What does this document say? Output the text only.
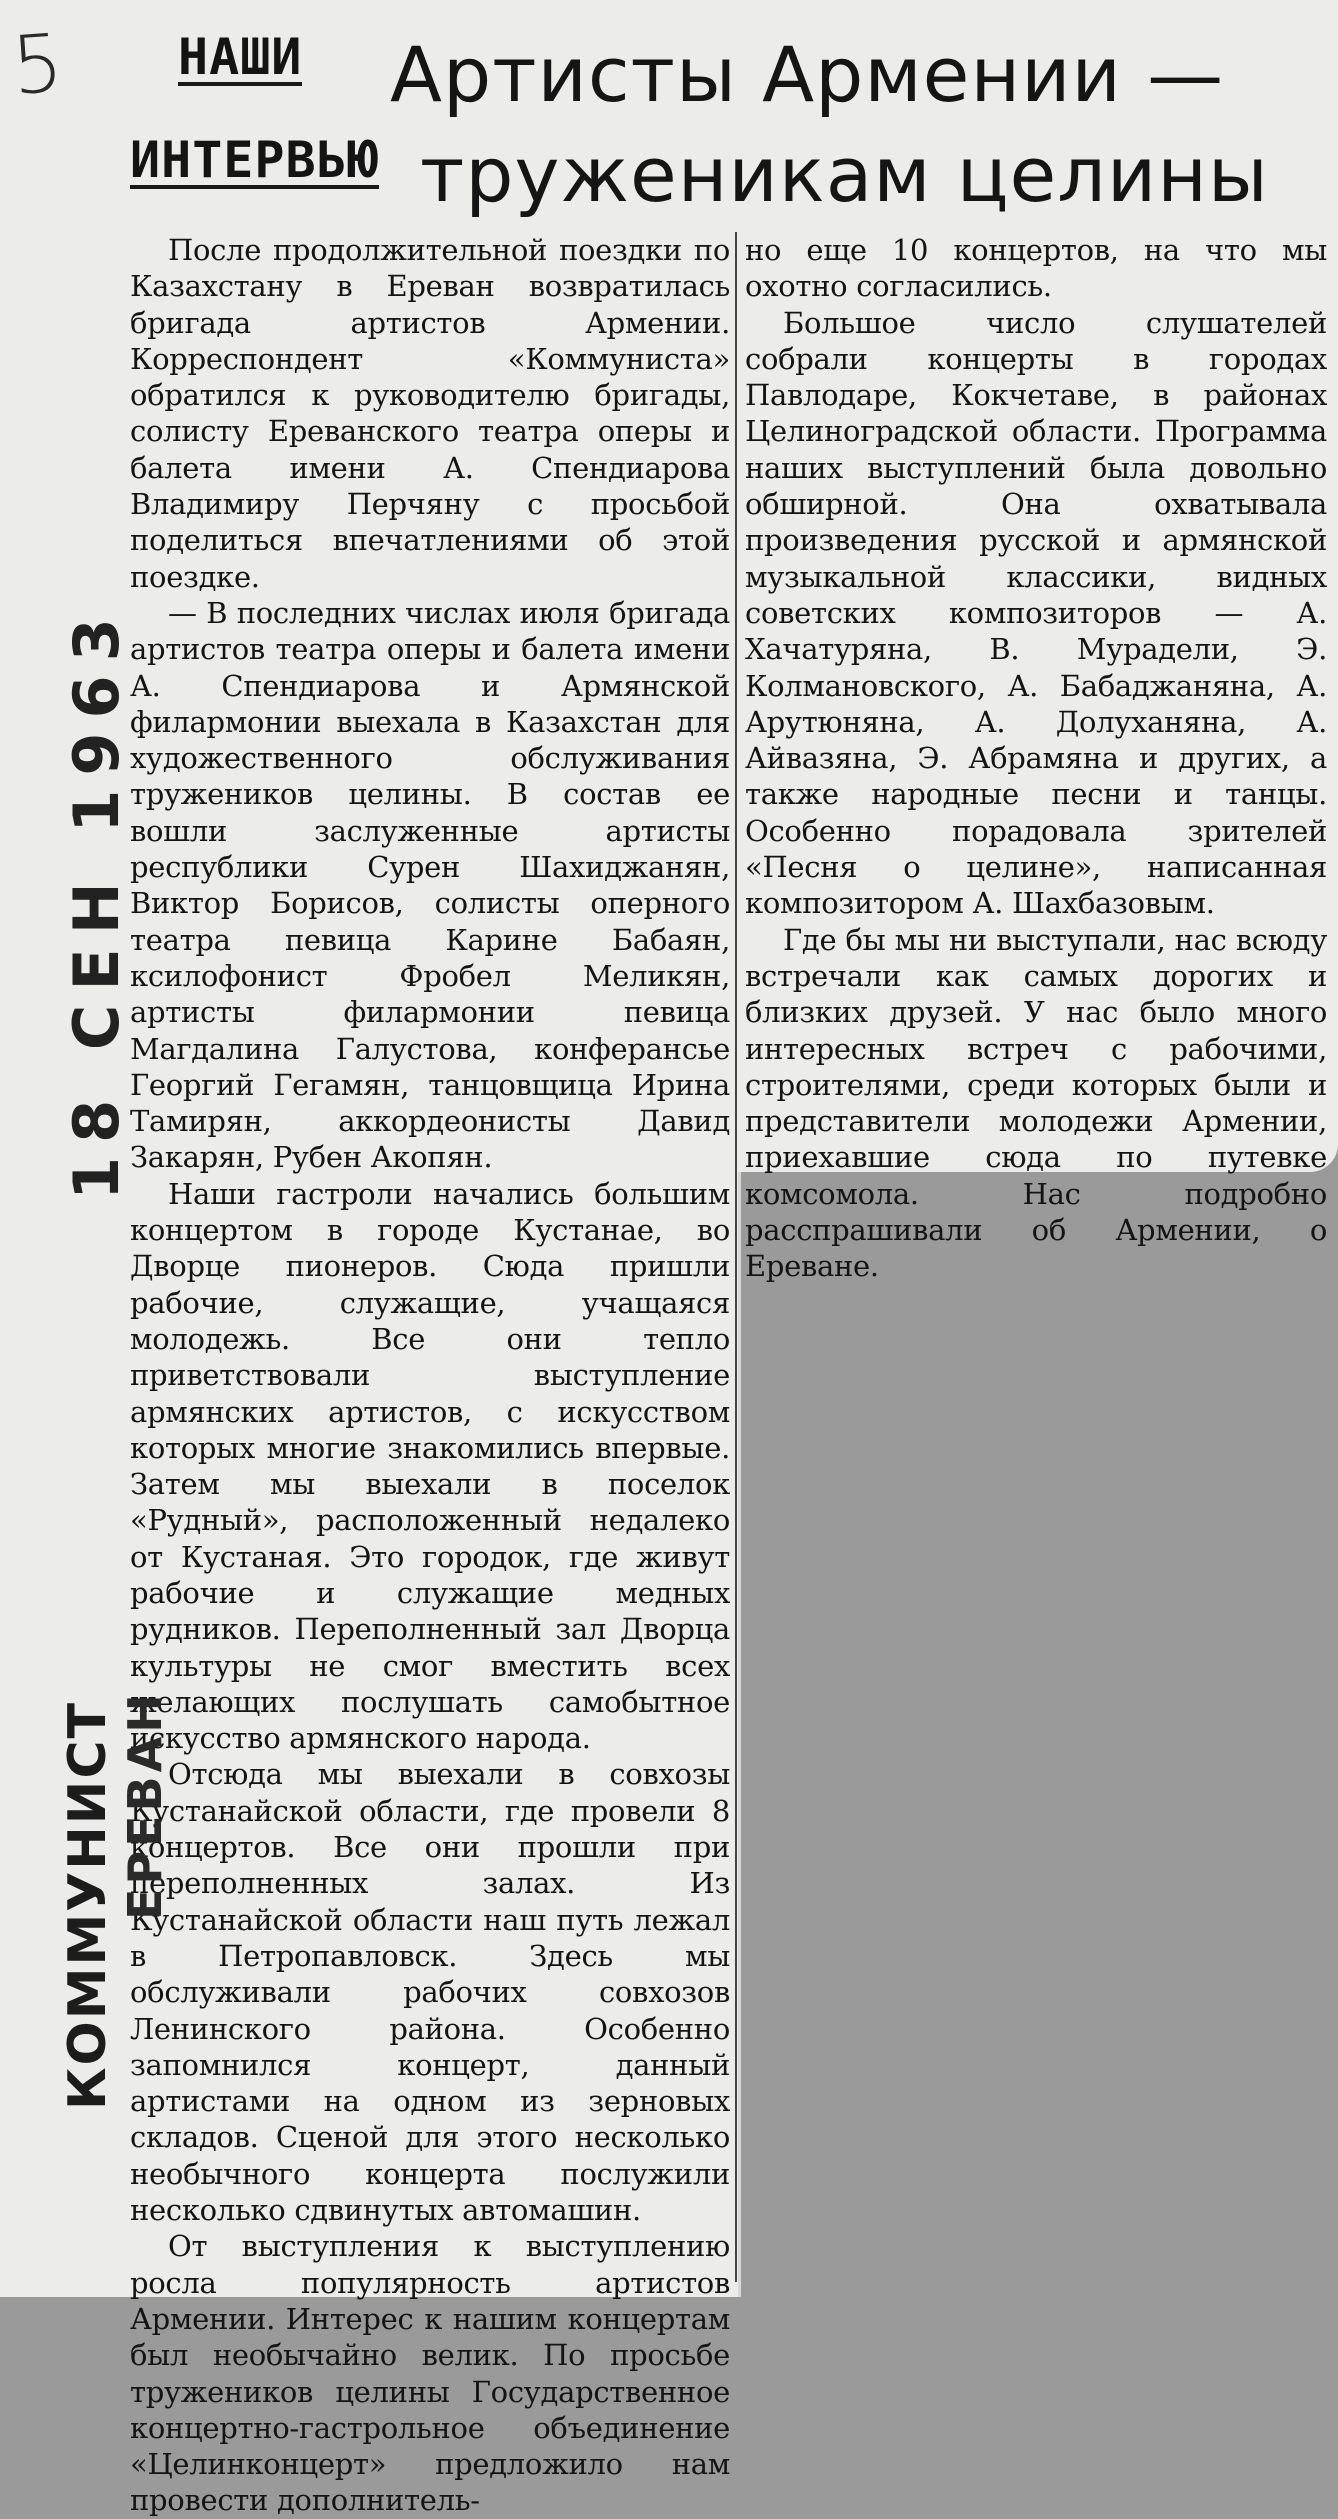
5 НАШИ
ИНТЕРВЬЮ
Артисты Армении —
труженикам целины

После продолжительной поездки по Казахстану в Ереван возвратилась бригада артистов Армении. Корреспондент «Коммуниста» обратился к руководителю бригады, солисту Ереванского театра оперы и балета имени А. Спендиарова Владимиру Перчяну с просьбой поделиться впечатлениями об этой поездке.

— В последних числах июля бригада артистов театра оперы и балета имени А. Спендиарова и Армянской филармонии выехала в Казахстан для художественного обслуживания тружеников целины. В состав ее вошли заслуженные артисты республики Сурен Шахиджанян, Виктор Борисов, солисты оперного театра певица Карине Бабаян, ксилофонист Фробел Меликян, артисты филармонии певица Магдалина Галустова, конферансье Георгий Гегамян, танцовщица Ирина Тамирян, аккордеонисты Давид Закарян, Рубен Акопян.

Наши гастроли начались большим концертом в городе Кустанае, во Дворце пионеров. Сюда пришли рабочие, служащие, учащаяся молодежь. Все они тепло приветствовали выступление армянских артистов, с искусством которых многие знакомились впервые. Затем мы выехали в поселок «Рудный», расположенный недалеко от Кустаная. Это городок, где живут рабочие и служащие медных рудников. Переполненный зал Дворца культуры не смог вместить всех желающих послушать самобытное искусство армянского народа.

Отсюда мы выехали в совхозы Кустанайской области, где провели 8 концертов. Все они прошли при переполненных залах. Из Кустанайской области наш путь лежал в Петропавловск. Здесь мы обслуживали рабочих совхозов Ленинского района. Особенно запомнился концерт, данный артистами на одном из зерновых складов. Сценой для этого несколько необычного концерта послужили несколько сдвинутых автомашин.

От выступления к выступлению росла популярность артистов Армении. Интерес к нашим концертам был необычайно велик. По просьбе тружеников целины Государственное концертно-гастрольное объединение «Целинконцерт» предложило нам провести дополнитель-

но еще 10 концертов, на что мы охотно согласились.

Большое число слушателей собрали концерты в городах Павлодаре, Кокчетаве, в районах Целиноградской области. Программа наших выступлений была довольно обширной. Она охватывала произведения русской и армянской музыкальной классики, видных советских композиторов — А. Хачатуряна, В. Мурадели, Э. Колмановского, А. Бабаджаняна, А. Арутюняна, А. Долуханяна, А. Айвазяна, Э. Абрамяна и других, а также народные песни и танцы. Особенно порадовала зрителей «Песня о целине», написанная композитором А. Шахбазовым.

Где бы мы ни выступали, нас всюду встречали как самых дорогих и близких друзей. У нас было много интересных встреч с рабочими, строителями, среди которых были и представители молодежи Армении, приехавшие сюда по путевке комсомола. Нас подробно расспрашивали об Армении, о Ереване.

18 СЕН 1963
ЕРЕВАН
КОММУНИСТ
